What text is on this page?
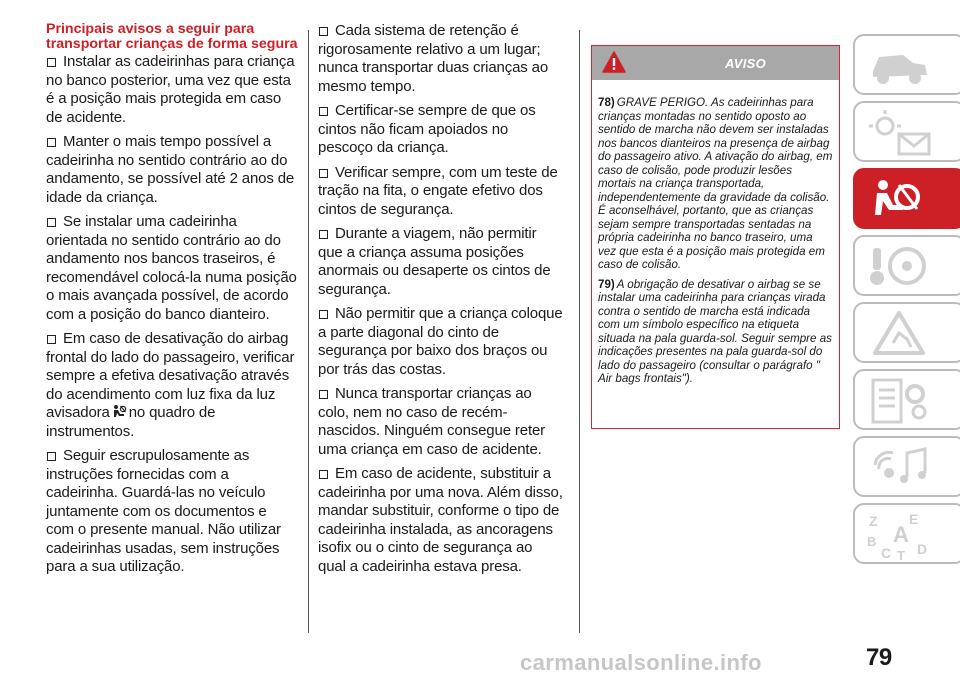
Principais avisos a seguir para transportar crianças de forma segura

Instalar as cadeirinhas para criança no banco posterior, uma vez que esta é a posição mais protegida em caso de acidente.

Manter o mais tempo possível a cadeirinha no sentido contrário ao do andamento, se possível até 2 anos de idade da criança.

Se instalar uma cadeirinha orientada no sentido contrário ao do andamento nos bancos traseiros, é recomendável colocá-la numa posição o mais avançada possível, de acordo com a posição do banco dianteiro.

Em caso de desativação do airbag frontal do lado do passageiro, verificar sempre a efetiva desativação através do acendimento com luz fixa da luz avisadora no quadro de instrumentos.

Seguir escrupulosamente as instruções fornecidas com a cadeirinha. Guardá-las no veículo juntamente com os documentos e com o presente manual. Não utilizar cadeirinhas usadas, sem instruções para a sua utilização.

Cada sistema de retenção é rigorosamente relativo a um lugar; nunca transportar duas crianças ao mesmo tempo.

Certificar-se sempre de que os cintos não ficam apoiados no pescoço da criança.

Verificar sempre, com um teste de tração na fita, o engate efetivo dos cintos de segurança.

Durante a viagem, não permitir que a criança assuma posições anormais ou desaperte os cintos de segurança.

Não permitir que a criança coloque a parte diagonal do cinto de segurança por baixo dos braços ou por trás das costas.

Nunca transportar crianças ao colo, nem no caso de recém-nascidos. Ninguém consegue reter uma criança em caso de acidente.

Em caso de acidente, substituir a cadeirinha por uma nova. Além disso, mandar substituir, conforme o tipo de cadeirinha instalada, as ancoragens isofix ou o cinto de segurança ao qual a cadeirinha estava presa.

AVISO

78) GRAVE PERIGO. As cadeirinhas para crianças montadas no sentido oposto ao sentido de marcha não devem ser instaladas nos bancos dianteiros na presença de airbag do passageiro ativo. A ativação do airbag, em caso de colisão, pode produzir lesões mortais na criança transportada, independentemente da gravidade da colisão. É aconselhável, portanto, que as crianças sejam sempre transportadas sentadas na própria cadeirinha no banco traseiro, uma vez que esta é a posição mais protegida em caso de colisão.

79) A obrigação de desativar o airbag se se instalar uma cadeirinha para crianças virada contra o sentido de marcha está indicada com um símbolo específico na etiqueta situada na pala guarda-sol. Seguir sempre as indicações presentes na pala guarda-sol do lado do passageiro (consultar o parágrafo " Air bags frontais").

Z E
B A
C T D
carmanualsonline.info	79
